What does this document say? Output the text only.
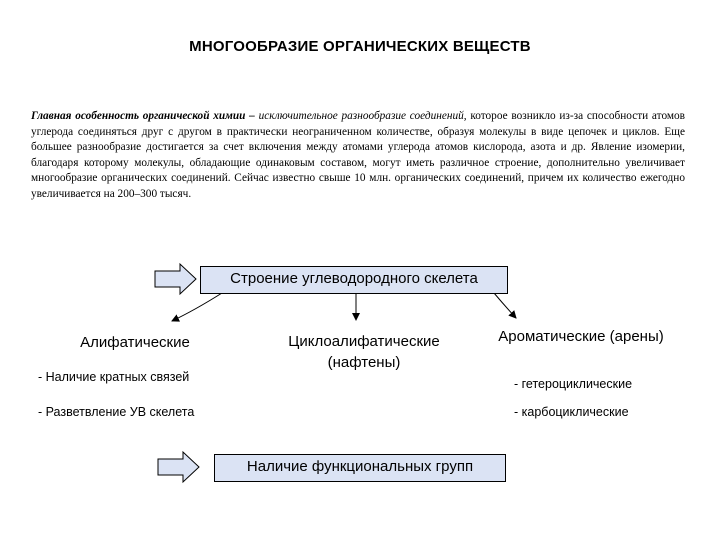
МНОГООБРАЗИЕ ОРГАНИЧЕСКИХ ВЕЩЕСТВ
Главная особенность органической химии – исключительное разнообразие соединений, которое возникло из-за способности атомов углерода соединяться друг с другом в практически неограниченном количестве, образуя молекулы в виде цепочек и циклов. Еще большее разнообразие достигается за счет включения между атомами углерода атомов кислорода, азота и др. Явление изомерии, благодаря которому молекулы, обладающие одинаковым составом, могут иметь различное строение, дополнительно увеличивает многообразие органических соединений. Сейчас известно свыше 10 млн. органических соединений, причем их количество ежегодно увеличивается на 200–300 тысяч.
Строение углеводородного скелета
Алифатические	Циклоалифатические (нафтены)
Ароматические (арены)
- Наличие кратных связей
- Разветвление УВ скелета
- гетероциклические
- карбоциклические
Наличие функциональных групп
